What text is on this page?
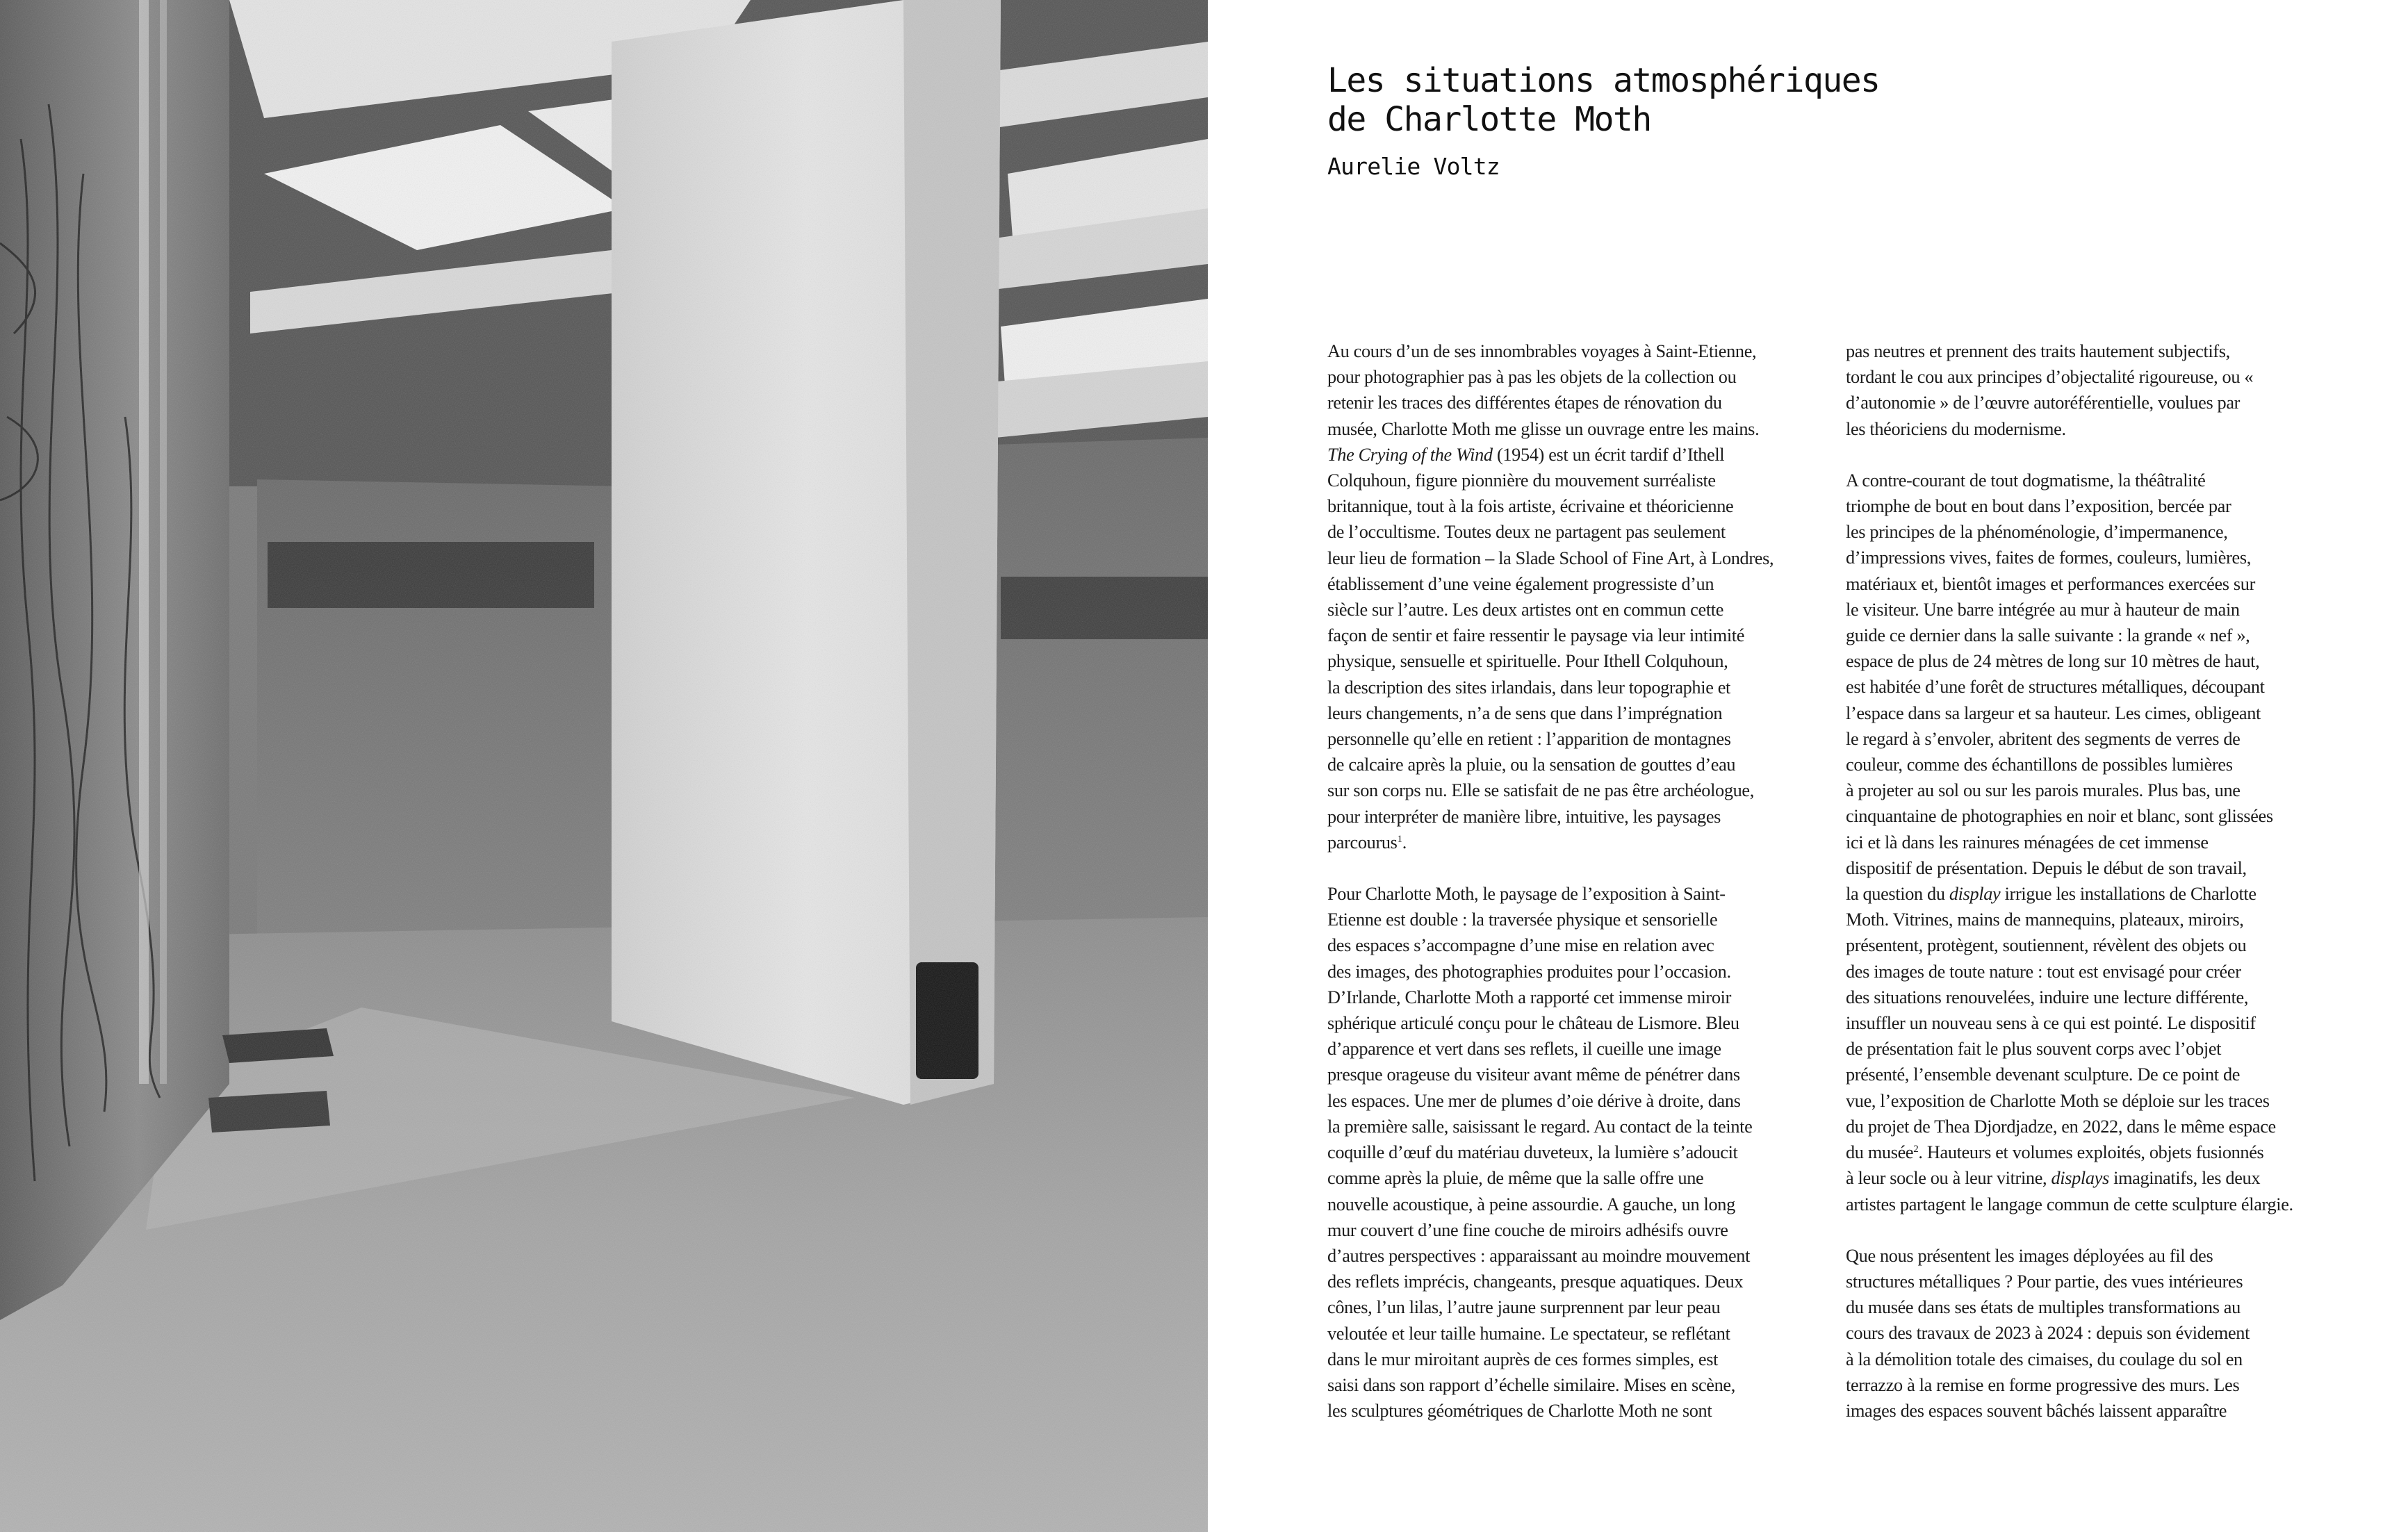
Les situations atmosphériques
de Charlotte Moth

Aurelie Voltz

Au cours d’un de ses innombrables voyages à Saint-Etienne,
pour photographier pas à pas les objets de la collection ou
retenir les traces des différentes étapes de rénovation du
musée, Charlotte Moth me glisse un ouvrage entre les mains.
The Crying of the Wind (1954) est un écrit tardif d’Ithell
Colquhoun, figure pionnière du mouvement surréaliste
britannique, tout à la fois artiste, écrivaine et théoricienne
de l’occultisme. Toutes deux ne partagent pas seulement
leur lieu de formation – la Slade School of Fine Art, à Londres,
établissement d’une veine également progressiste d’un
siècle sur l’autre. Les deux artistes ont en commun cette
façon de sentir et faire ressentir le paysage via leur intimité
physique, sensuelle et spirituelle. Pour Ithell Colquhoun,
la description des sites irlandais, dans leur topographie et
leurs changements, n’a de sens que dans l’imprégnation
personnelle qu’elle en retient : l’apparition de montagnes
de calcaire après la pluie, ou la sensation de gouttes d’eau
sur son corps nu. Elle se satisfait de ne pas être archéologue,
pour interpréter de manière libre, intuitive, les paysages
parcourus$^1$.

Pour Charlotte Moth, le paysage de l’exposition à Saint-
Etienne est double : la traversée physique et sensorielle
des espaces s’accompagne d’une mise en relation avec
des images, des photographies produites pour l’occasion.
D’Irlande, Charlotte Moth a rapporté cet immense miroir
sphérique articulé conçu pour le château de Lismore. Bleu
d’apparence et vert dans ses reflets, il cueille une image
presque orageuse du visiteur avant même de pénétrer dans
les espaces. Une mer de plumes d’oie dérive à droite, dans
la première salle, saisissant le regard. Au contact de la teinte
coquille d’œuf du matériau duveteux, la lumière s’adoucit
comme après la pluie, de même que la salle offre une
nouvelle acoustique, à peine assourdie. A gauche, un long
mur couvert d’une fine couche de miroirs adhésifs ouvre
d’autres perspectives : apparaissant au moindre mouvement
des reflets imprécis, changeants, presque aquatiques. Deux
cônes, l’un lilas, l’autre jaune surprennent par leur peau
veloutée et leur taille humaine. Le spectateur, se reflétant
dans le mur miroitant auprès de ces formes simples, est
saisi dans son rapport d’échelle similaire. Mises en scène,
les sculptures géométriques de Charlotte Moth ne sont

pas neutres et prennent des traits hautement subjectifs,
tordant le cou aux principes d’objectalité rigoureuse, ou «
d’autonomie » de l’œuvre autoréférentielle, voulues par
les théoriciens du modernisme.

A contre-courant de tout dogmatisme, la théâtralité
triomphe de bout en bout dans l’exposition, bercée par
les principes de la phénoménologie, d’impermanence,
d’impressions vives, faites de formes, couleurs, lumières,
matériaux et, bientôt images et performances exercées sur
le visiteur. Une barre intégrée au mur à hauteur de main
guide ce dernier dans la salle suivante : la grande « nef »,
espace de plus de 24 mètres de long sur 10 mètres de haut,
est habitée d’une forêt de structures métalliques, découpant
l’espace dans sa largeur et sa hauteur. Les cimes, obligeant
le regard à s’envoler, abritent des segments de verres de
couleur, comme des échantillons de possibles lumières
à projeter au sol ou sur les parois murales. Plus bas, une
cinquantaine de photographies en noir et blanc, sont glissées
ici et là dans les rainures ménagées de cet immense
dispositif de présentation. Depuis le début de son travail,
la question du display irrigue les installations de Charlotte
Moth. Vitrines, mains de mannequins, plateaux, miroirs,
présentent, protègent, soutiennent, révèlent des objets ou
des images de toute nature : tout est envisagé pour créer
des situations renouvelées, induire une lecture différente,
insuffler un nouveau sens à ce qui est pointé. Le dispositif
de présentation fait le plus souvent corps avec l’objet
présenté, l’ensemble devenant sculpture. De ce point de
vue, l’exposition de Charlotte Moth se déploie sur les traces
du projet de Thea Djordjadze, en 2022, dans le même espace
du musée$^2$. Hauteurs et volumes exploités, objets fusionnés
à leur socle ou à leur vitrine, displays imaginatifs, les deux
artistes partagent le langage commun de cette sculpture élargie.

Que nous présentent les images déployées au fil des
structures métalliques ? Pour partie, des vues intérieures
du musée dans ses états de multiples transformations au
cours des travaux de 2023 à 2024 : depuis son évidement
à la démolition totale des cimaises, du coulage du sol en
terrazzo à la remise en forme progressive des murs. Les
images des espaces souvent bâchés laissent apparaître
